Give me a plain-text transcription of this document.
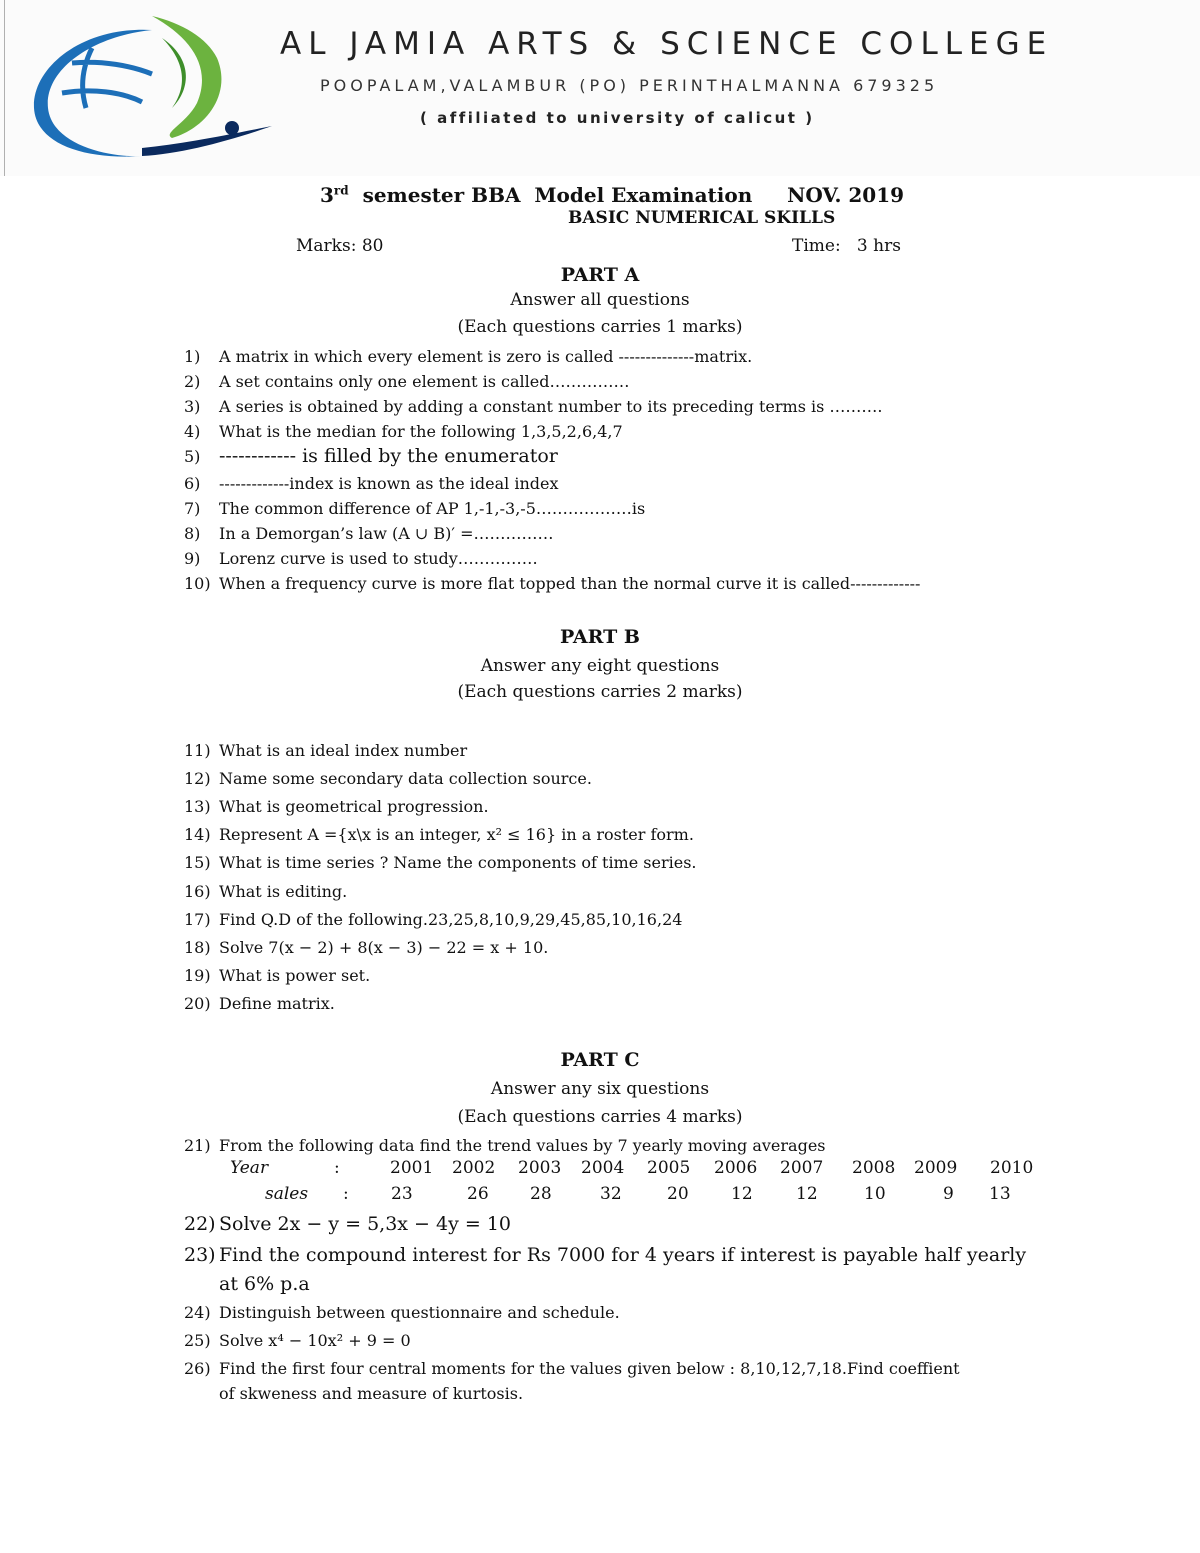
AL JAMIA ARTS & SCIENCE COLLEGE
POOPALAM,VALAMBUR (PO) PERINTHALMANNA 679325
( affiliated to university of calicut )
3rd  semester BBA  Model Examination     NOV. 2019
BASIC NUMERICAL SKILLS
Marks: 80	Time:   3 hrs
PART A
Answer all questions
(Each questions carries 1 marks)
1) A matrix in which every element is zero is called --------------matrix.
2) A set contains only one element is called……………
3) A series is obtained by adding a constant number to its preceding terms is ……….
4) What is the median for the following 1,3,5,2,6,4,7
5) ------------ is filled by the enumerator
6) -------------index is known as the ideal index
7) The common difference of AP 1,-1,-3,-5………………is
8) In a Demorgan’s law (A ∪ B)′ =……………
9) Lorenz curve is used to study……………
10) When a frequency curve is more flat topped than the normal curve it is called-------------
PART B
Answer any eight questions
(Each questions carries 2 marks)
11) What is an ideal index number
12) Name some secondary data collection source.
13) What is geometrical progression.
14) Represent A ={x\x is an integer, x² ≤ 16} in a roster form.
15) What is time series ? Name the components of time series.
16) What is editing.
17) Find Q.D of the following.23,25,8,10,9,29,45,85,10,16,24
18) Solve 7(x − 2) + 8(x − 3) − 22 = x + 10.
19) What is power set.
20) Define matrix.
PART C
Answer any six questions
(Each questions carries 4 marks)
21) From the following data find the trend values by 7 yearly moving averages
Year	:	2001 2002 2003 2004 2005 2006 2007 2008 2009 2010
sales : 23	26 28	32	20 12	12	10	9 13
22) Solve 2x − y = 5,3x − 4y = 10
23) Find the compound interest for Rs 7000 for 4 years if interest is payable half yearly
at 6% p.a
24) Distinguish between questionnaire and schedule.
25) Solve x⁴ − 10x² + 9 = 0
26) Find the first four central moments for the values given below : 8,10,12,7,18.Find coeffient
of skweness and measure of kurtosis.
